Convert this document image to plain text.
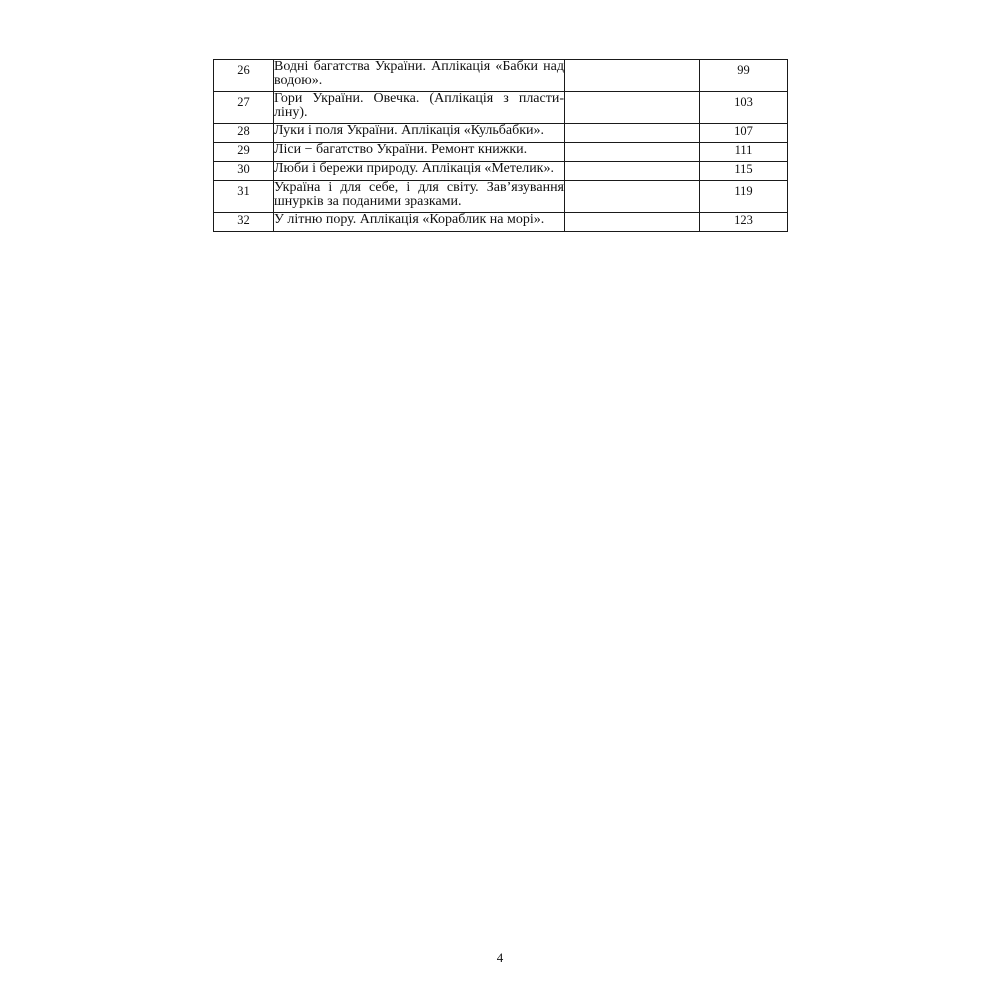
26	Водні багатства України. Аплікація «Бабки над водою».		99
27	Гори України. Овечка. (Аплікація з пласти-ліну).		103
28	Луки і поля України. Аплікація «Кульбабки».		107
29	Ліси − багатство України. Ремонт книжки.		111
30	Люби і бережи природу. Аплікація «Метелик».		115
31	Україна і для себе, і для світу. Зав’язування шнурків за поданими зразками.		119
32	У літню пору. Аплікація «Кораблик на морі».		123
4
